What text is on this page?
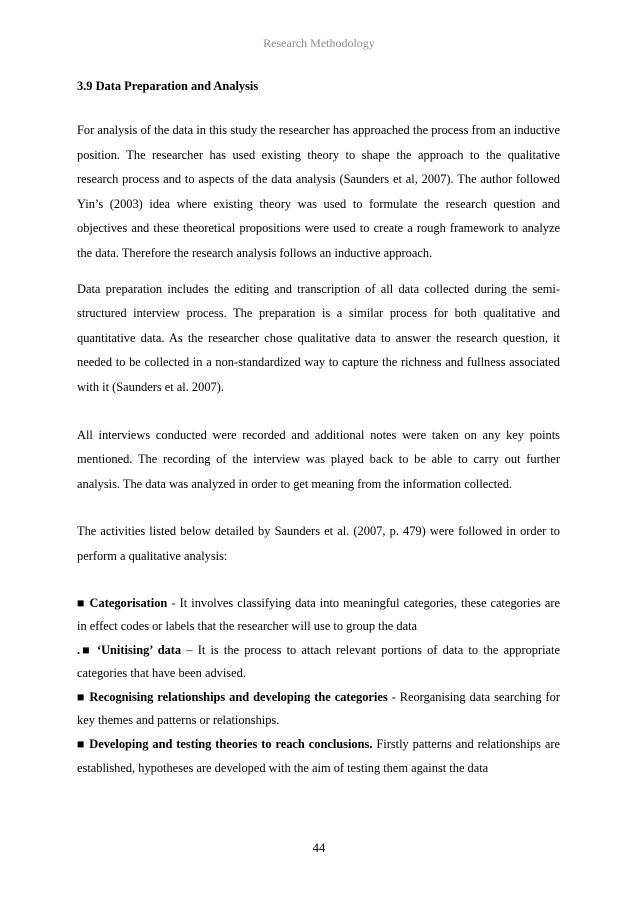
Research Methodology

3.9 Data Preparation and Analysis

For analysis of the data in this study the researcher has approached the process from an inductive position. The researcher has used existing theory to shape the approach to the qualitative research process and to aspects of the data analysis (Saunders et al, 2007). The author followed Yin’s (2003) idea where existing theory was used to formulate the research question and objectives and these theoretical propositions were used to create a rough framework to analyze the data. Therefore the research analysis follows an inductive approach.

Data preparation includes the editing and transcription of all data collected during the semi-structured interview process. The preparation is a similar process for both qualitative and quantitative data. As the researcher chose qualitative data to answer the research question, it needed to be collected in a non-standardized way to capture the richness and fullness associated with it (Saunders et al. 2007).

All interviews conducted were recorded and additional notes were taken on any key points mentioned. The recording of the interview was played back to be able to carry out further analysis. The data was analyzed in order to get meaning from the information collected.

The activities listed below detailed by Saunders et al. (2007, p. 479) were followed in order to perform a qualitative analysis:

■ Categorisation - It involves classifying data into meaningful categories, these categories are in effect codes or labels that the researcher will use to group the data

.■ ‘Unitising’ data – It is the process to attach relevant portions of data to the appropriate categories that have been advised.

■ Recognising relationships and developing the categories - Reorganising data searching for key themes and patterns or relationships.

■ Developing and testing theories to reach conclusions. Firstly patterns and relationships are established, hypotheses are developed with the aim of testing them against the data

44
